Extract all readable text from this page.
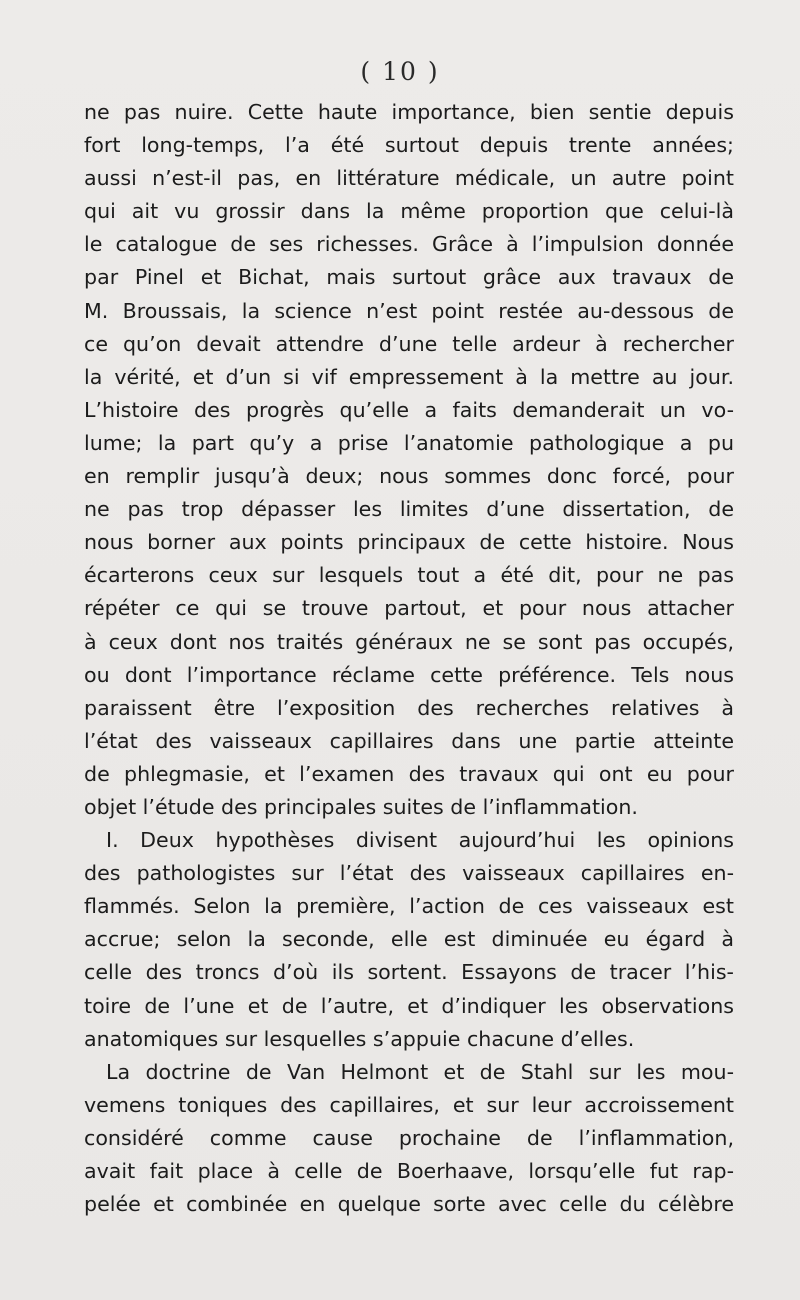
( 10 )

ne pas nuire. Cette haute importance, bien sentie depuis
fort long-temps, l’a été surtout depuis trente années;
aussi n’est-il pas, en littérature médicale, un autre point
qui ait vu grossir dans la même proportion que celui-là
le catalogue de ses richesses. Grâce à l’impulsion donnée
par Pinel et Bichat, mais surtout grâce aux travaux de
M. Broussais, la science n’est point restée au-dessous de
ce qu’on devait attendre d’une telle ardeur à rechercher
la vérité, et d’un si vif empressement à la mettre au jour.
L’histoire des progrès qu’elle a faits demanderait un vo-
lume; la part qu’y a prise l’anatomie pathologique a pu
en remplir jusqu’à deux; nous sommes donc forcé, pour
ne pas trop dépasser les limites d’une dissertation, de
nous borner aux points principaux de cette histoire. Nous
écarterons ceux sur lesquels tout a été dit, pour ne pas
répéter ce qui se trouve partout, et pour nous attacher
à ceux dont nos traités généraux ne se sont pas occupés,
ou dont l’importance réclame cette préférence. Tels nous
paraissent être l’exposition des recherches relatives à
l’état des vaisseaux capillaires dans une partie atteinte
de phlegmasie, et l’examen des travaux qui ont eu pour
objet l’étude des principales suites de l’inflammation.
I. Deux hypothèses divisent aujourd’hui les opinions
des pathologistes sur l’état des vaisseaux capillaires en-
flammés. Selon la première, l’action de ces vaisseaux est
accrue; selon la seconde, elle est diminuée eu égard à
celle des troncs d’où ils sortent. Essayons de tracer l’his-
toire de l’une et de l’autre, et d’indiquer les observations
anatomiques sur lesquelles s’appuie chacune d’elles.
La doctrine de Van Helmont et de Stahl sur les mou-
vemens toniques des capillaires, et sur leur accroissement
considéré comme cause prochaine de l’inflammation,
avait fait place à celle de Boerhaave, lorsqu’elle fut rap-
pelée et combinée en quelque sorte avec celle du célèbre
